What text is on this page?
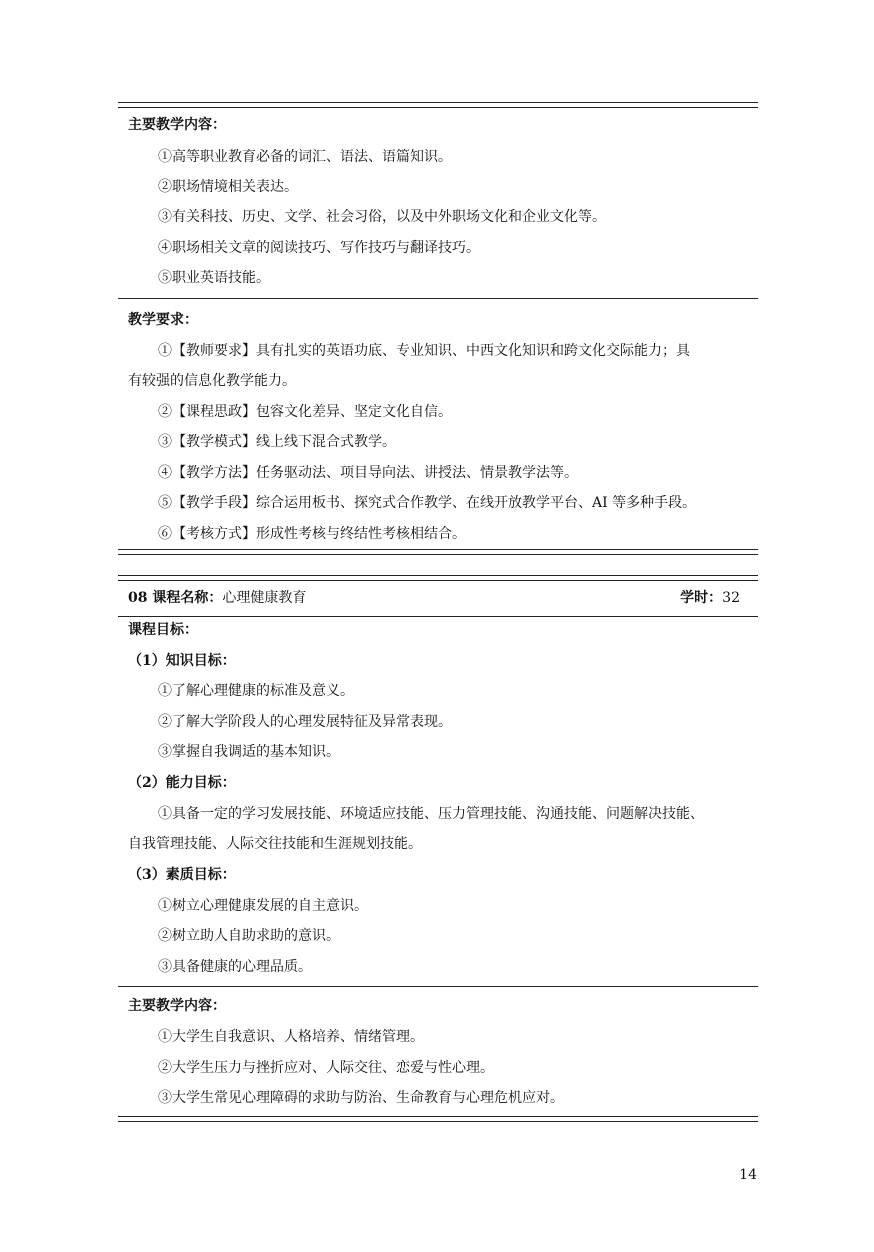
主要教学内容：
①高等职业教育必备的词汇、语法、语篇知识。
②职场情境相关表达。
③有关科技、历史、文学、社会习俗，以及中外职场文化和企业文化等。
④职场相关文章的阅读技巧、写作技巧与翻译技巧。
⑤职业英语技能。
教学要求：
①【教师要求】具有扎实的英语功底、专业知识、中西文化知识和跨文化交际能力；具
有较强的信息化教学能力。
②【课程思政】包容文化差异、坚定文化自信。
③【教学模式】线上线下混合式教学。
④【教学方法】任务驱动法、项目导向法、讲授法、情景教学法等。
⑤【教学手段】综合运用板书、探究式合作教学、在线开放教学平台、AI 等多种手段。
⑥【考核方式】形成性考核与终结性考核相结合。
08 课程名称：心理健康教育	学时：32
课程目标：
（1）知识目标：
①了解心理健康的标准及意义。
②了解大学阶段人的心理发展特征及异常表现。
③掌握自我调适的基本知识。
（2）能力目标：
①具备一定的学习发展技能、环境适应技能、压力管理技能、沟通技能、问题解决技能、
自我管理技能、人际交往技能和生涯规划技能。
（3）素质目标：
①树立心理健康发展的自主意识。
②树立助人自助求助的意识。
③具备健康的心理品质。
主要教学内容：
①大学生自我意识、人格培养、情绪管理。
②大学生压力与挫折应对、人际交往、恋爱与性心理。
③大学生常见心理障碍的求助与防治、生命教育与心理危机应对。
14
